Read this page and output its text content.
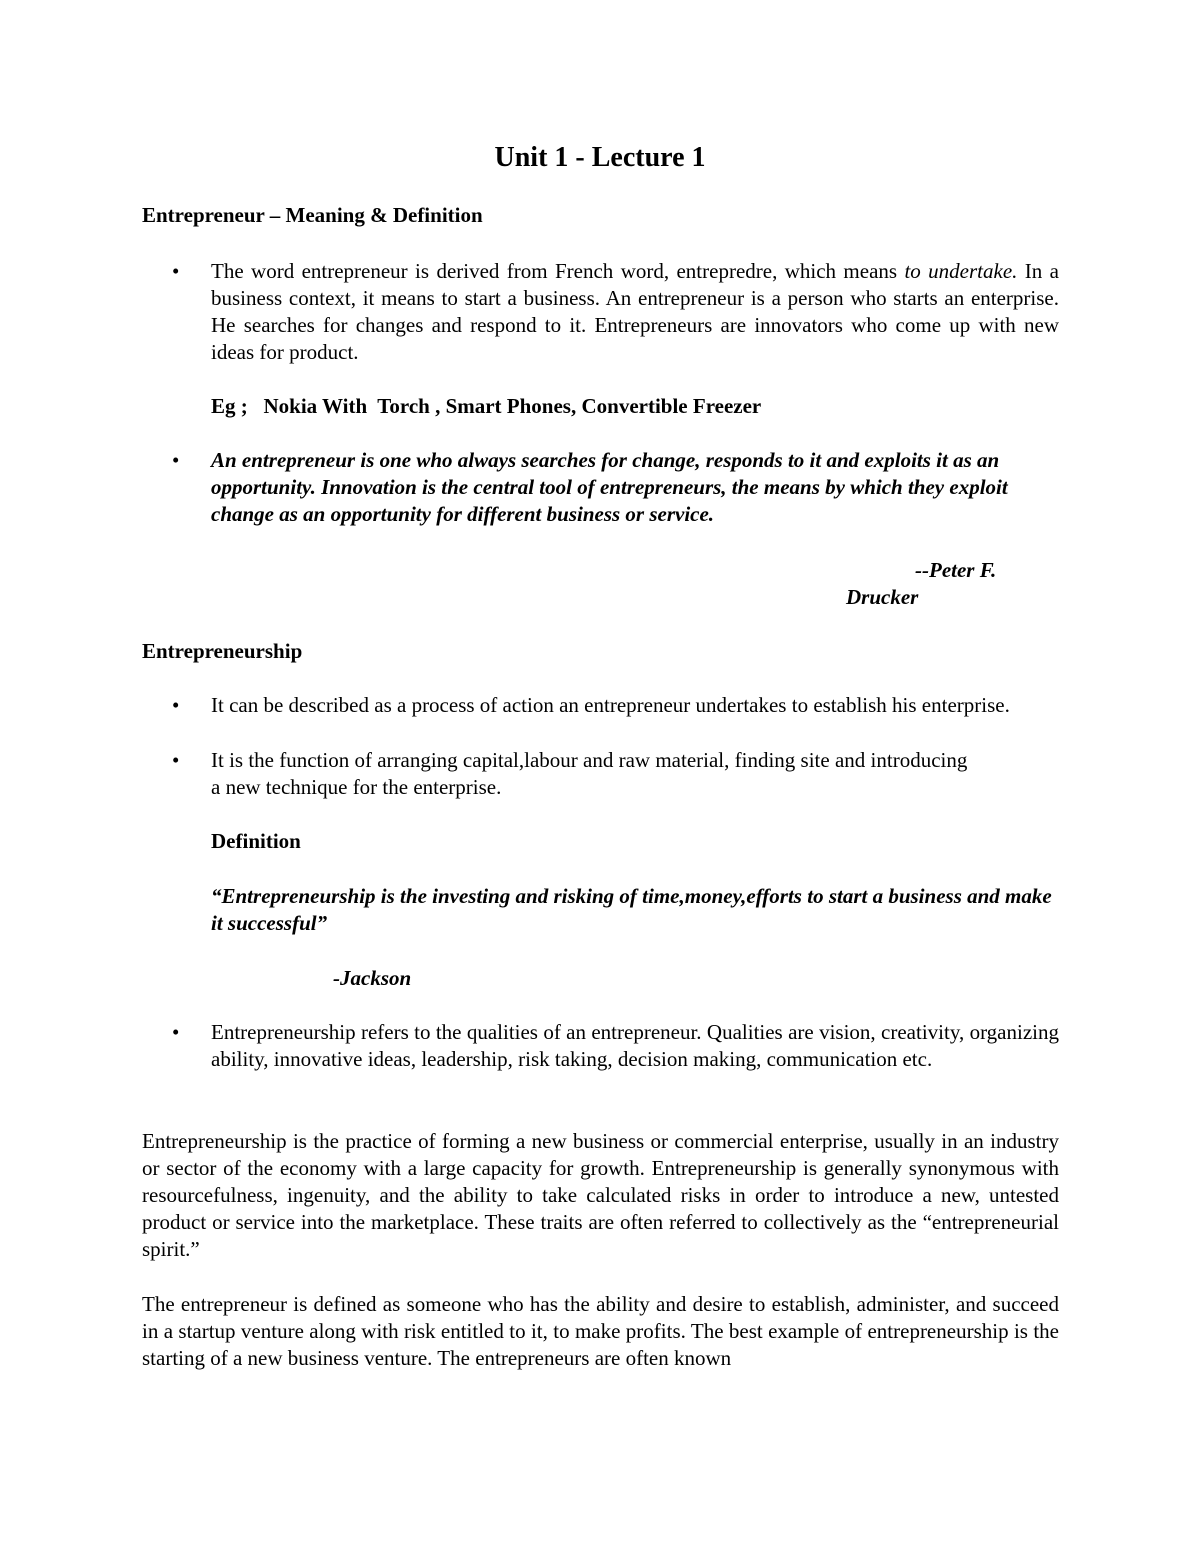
Unit 1 - Lecture 1
Entrepreneur – Meaning & Definition
•	The word entrepreneur is derived from French word, entrepredre, which means to undertake. In a business context, it means to start a business. An entrepreneur is a person who starts an enterprise. He searches for changes and respond to it. Entrepreneurs are innovators who come up with new ideas for product.
Eg ;   Nokia With  Torch , Smart Phones, Convertible Freezer
•	An entrepreneur is one who always searches for change, responds to it and exploits it as an opportunity. Innovation is the central tool of entrepreneurs, the means by which they exploit change as an opportunity for different business or service.
--Peter F.
Drucker
Entrepreneurship
•	It can be described as a process of action an entrepreneur undertakes to establish his enterprise.
•	It is the function of arranging capital,labour and raw material, finding site and introducing a new technique for the enterprise.
Definition
“Entrepreneurship is the investing and risking of time,money,efforts to start a business and make it successful”
-Jackson
•	Entrepreneurship refers to the qualities of an entrepreneur. Qualities are vision, creativity, organizing ability, innovative ideas, leadership, risk taking, decision making, communication etc.
Entrepreneurship is the practice of forming a new business or commercial enterprise, usually in an industry or sector of the economy with a large capacity for growth. Entrepreneurship is generally synonymous with resourcefulness, ingenuity, and the ability to take calculated risks in order to introduce a new, untested product or service into the marketplace. These traits are often referred to collectively as the “entrepreneurial spirit.”
The entrepreneur is defined as someone who has the ability and desire to establish, administer, and succeed in a startup venture along with risk entitled to it, to make profits. The best example of entrepreneurship is the starting of a new business venture. The entrepreneurs are often known
